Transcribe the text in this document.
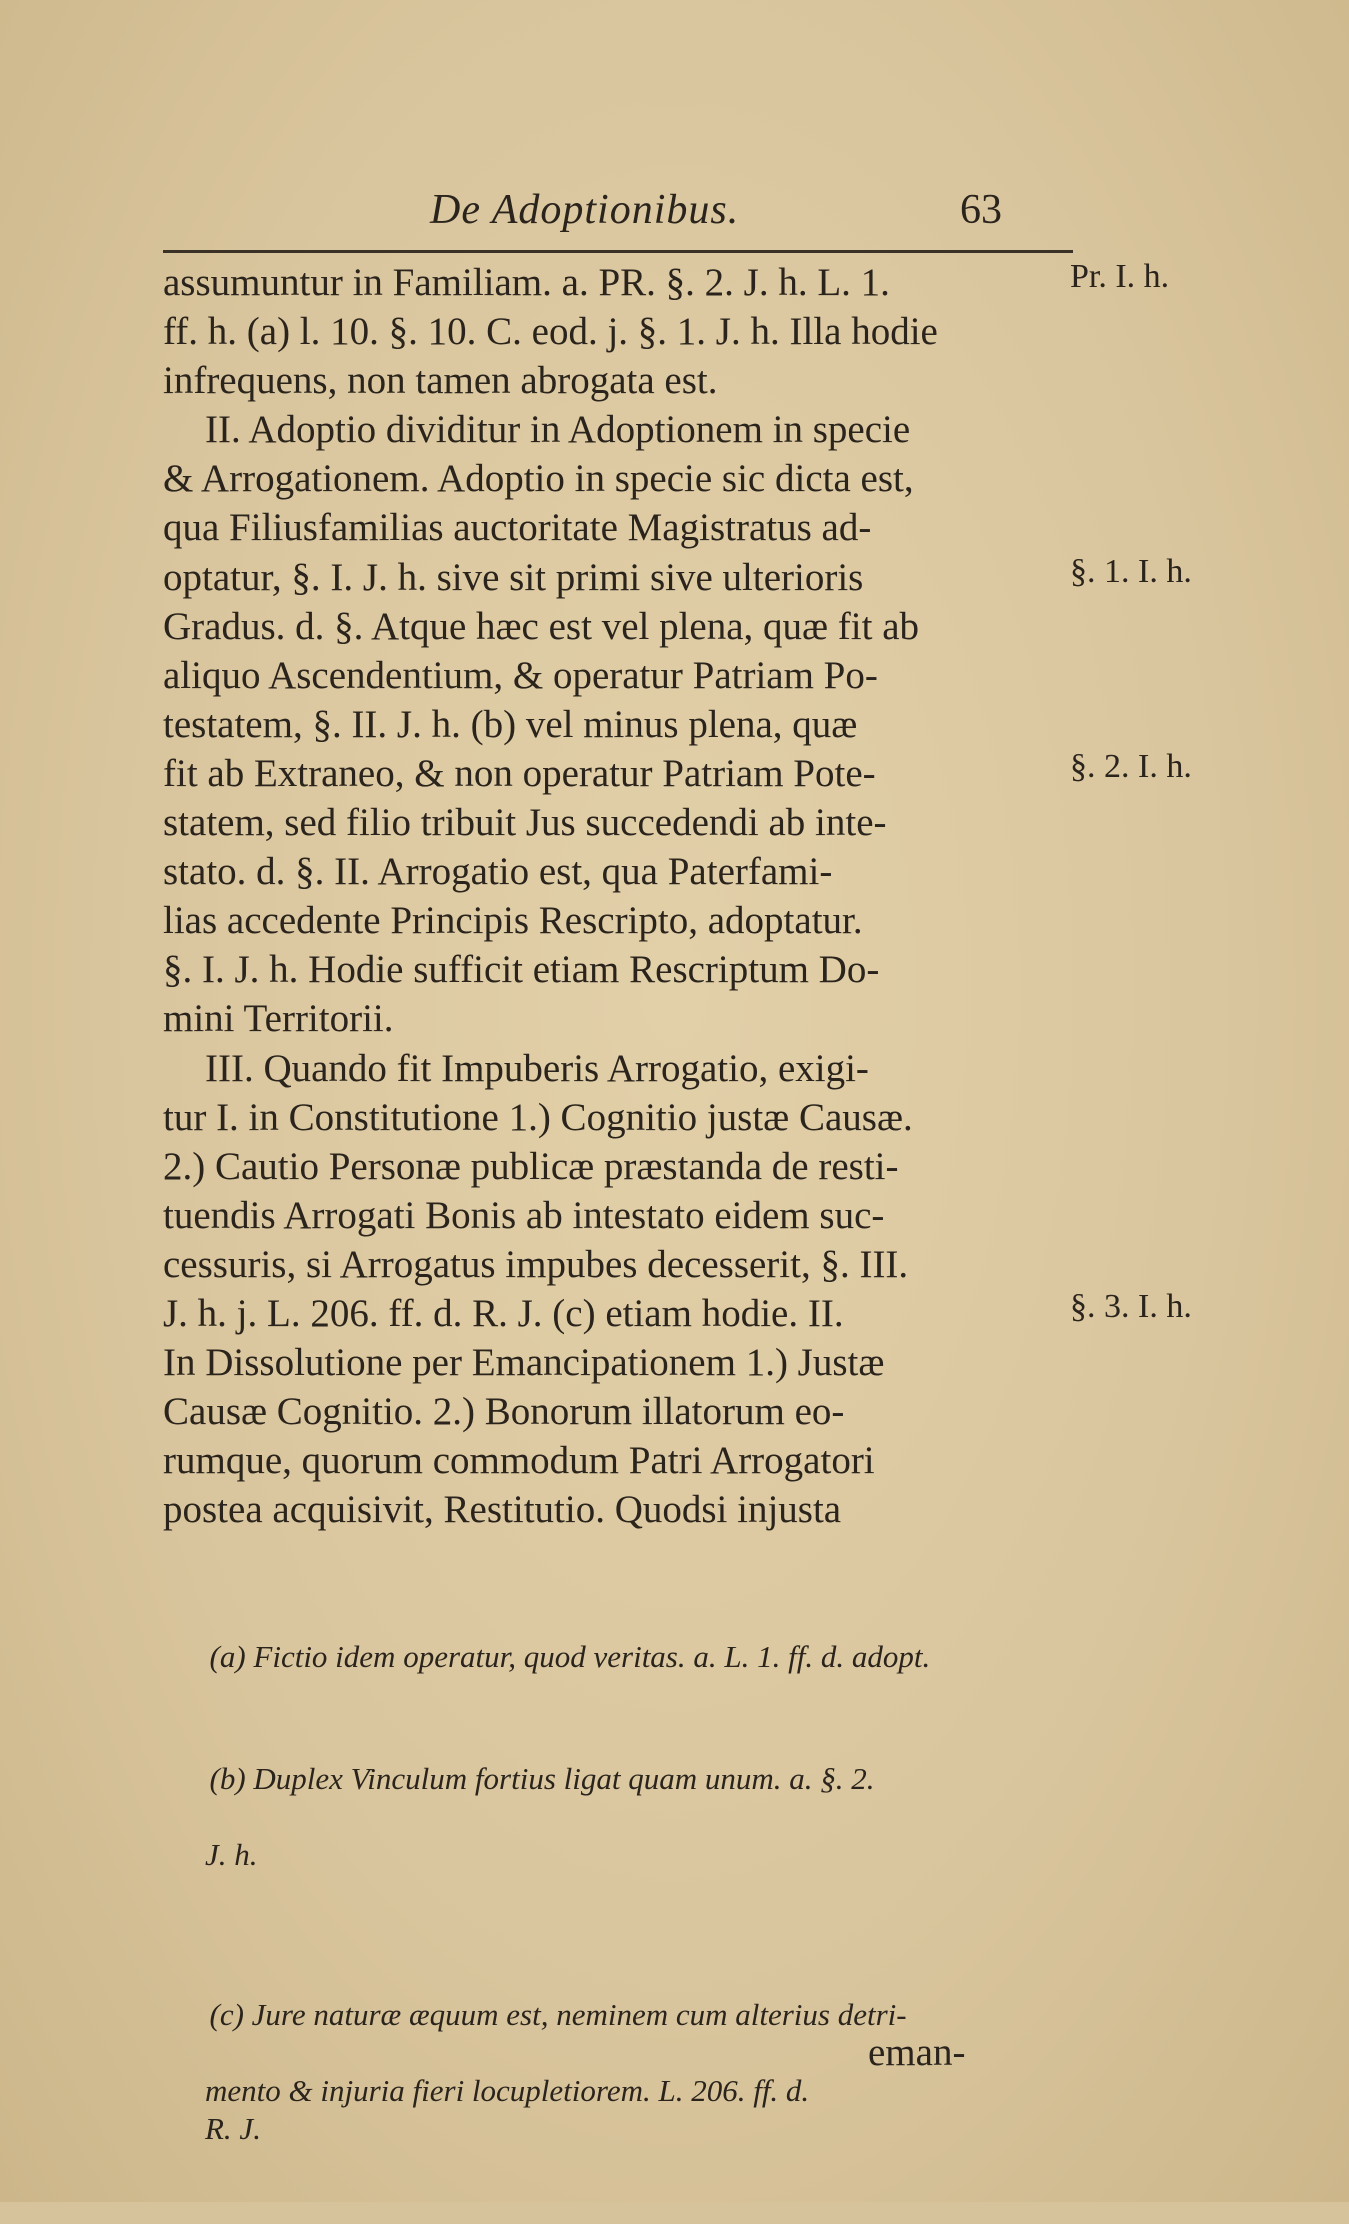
De Adoptionibus.	63
assumuntur in Familiam. a. PR. §. 2. J. h. L. 1.
ff. h. (a) l. 10. §. 10. C. eod. j. §. 1. J. h. Illa hodie
infrequens, non tamen abrogata est.
II. Adoptio dividitur in Adoptionem in specie
& Arrogationem. Adoptio in specie sic dicta est,
qua Filiusfamilias auctoritate Magistratus ad-
optatur, §. I. J. h. sive sit primi sive ulterioris
Gradus. d. §. Atque hæc est vel plena, quæ fit ab
aliquo Ascendentium, & operatur Patriam Po-
testatem, §. II. J. h. (b) vel minus plena, quæ
fit ab Extraneo, & non operatur Patriam Pote-
statem, sed filio tribuit Jus succedendi ab inte-
stato. d. §. II. Arrogatio est, qua Paterfami-
lias accedente Principis Rescripto, adoptatur.
§. I. J. h. Hodie sufficit etiam Rescriptum Do-
mini Territorii.
III. Quando fit Impuberis Arrogatio, exigi-
tur I. in Constitutione 1.) Cognitio justæ Causæ.
2.) Cautio Personæ publicæ præstanda de resti-
tuendis Arrogati Bonis ab intestato eidem suc-
cessuris, si Arrogatus impubes decesserit, §. III.
J. h. j. L. 206. ff. d. R. J. (c) etiam hodie. II.
In Dissolutione per Emancipationem 1.) Justæ
Causæ Cognitio. 2.) Bonorum illatorum eo-
rumque, quorum commodum Patri Arrogatori
postea acquisivit, Restitutio. Quodsi injusta
Pr. I. h.
§. 1. I. h.
§. 2. I. h.
§. 3. I. h.

(a) Fictio idem operatur, quod veritas. a. L. 1. ff. d. adopt.

(b) Duplex Vinculum fortius ligat quam unum. a. §. 2.

J. h.

(c) Jure naturæ æquum est, neminem cum alterius detri-

mento & injuria fieri locupletiorem. L. 206. ff. d.
R. J.

eman-
